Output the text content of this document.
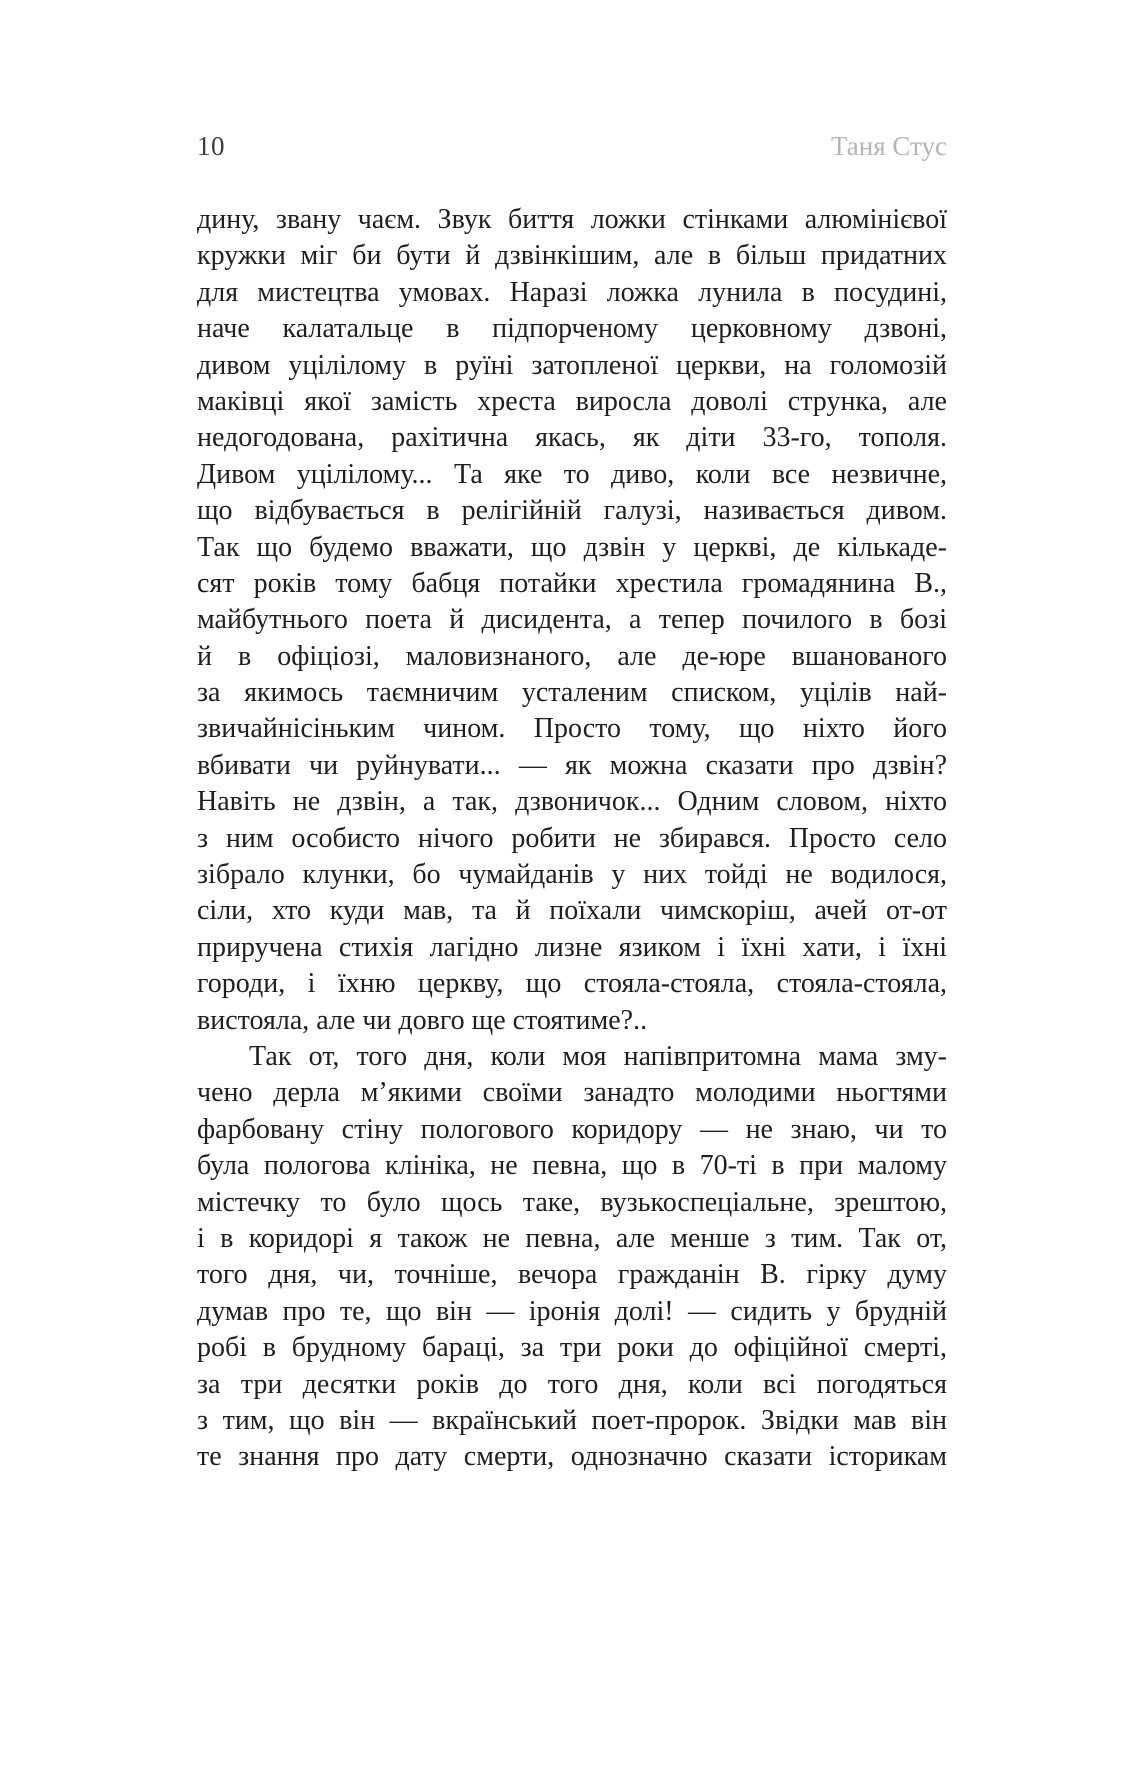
10	Таня Стус
дину, звану чаєм. Звук биття ложки стінками алюмінієвої
кружки міг би бути й дзвінкішим, але в більш придатних
для мистецтва умовах. Наразі ложка лунила в посудині,
наче калатальце в підпорченому церковному дзвоні,
дивом уцілілому в руїні затопленої церкви, на голомозій
маківці якої замість хреста виросла доволі струнка, але
недогодована, рахітична якась, як діти 33-го, тополя.
Дивом уцілілому... Та яке то диво, коли все незвичне,
що відбувається в релігійній галузі, називається дивом.
Так що будемо вважати, що дзвін у церкві, де кількаде-
сят років тому бабця потайки хрестила громадянина В.,
майбутнього поета й дисидента, а тепер почилого в бозі
й в офіціозі, маловизнаного, але де-юре вшанованого
за якимось таємничим усталеним списком, уцілів най-
звичайнісіньким чином. Просто тому, що ніхто його
вбивати чи руйнувати... — як можна сказати про дзвін?
Навіть не дзвін, а так, дзвоничок... Одним словом, ніхто
з ним особисто нічого робити не збирався. Просто село
зібрало клунки, бо чумайданів у них тойді не водилося,
сіли, хто куди мав, та й поїхали чимскоріш, ачей от-от
приручена стихія лагідно лизне язиком і їхні хати, і їхні
городи, і їхню церкву, що стояла-стояла, стояла-стояла,
вистояла, але чи довго ще стоятиме?..
Так от, того дня, коли моя напівпритомна мама зму-
чено дерла м’якими своїми занадто молодими ньогтями
фарбовану стіну пологового коридору — не знаю, чи то
була пологова клініка, не певна, що в 70-ті в при малому
містечку то було щось таке, вузькоспеціальне, зрештою,
і в коридорі я також не певна, але менше з тим. Так от,
того дня, чи, точніше, вечора гражданін В. гірку думу
думав про те, що він — іронія долі! — сидить у брудній
робі в брудному бараці, за три роки до офіційної смерті,
за три десятки років до того дня, коли всі погодяться
з тим, що він — вкраїнський поет-пророк. Звідки мав він
те знання про дату смерти, однозначно сказати історикам
